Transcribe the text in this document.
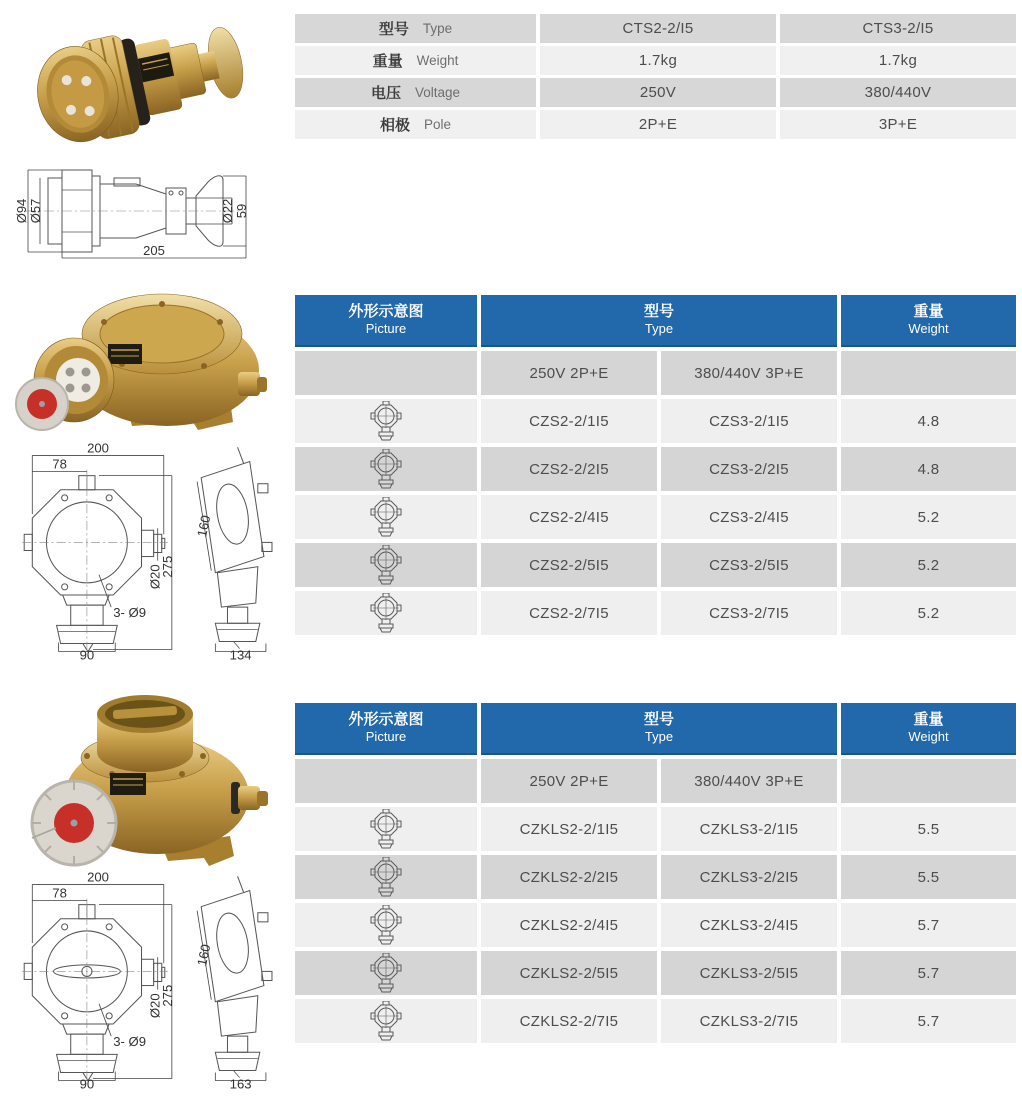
Ø94 Ø57	Ø22 59
205
型号 Type	CTS2-2/I5	CTS3-2/I5
重量 Weight	1.7kg	1.7kg
电压 Voltage	250V	380/440V
相极 Pole	2P+E	3P+E
200
78
Ø20
275
3- Ø9
90
160
134
外形示意图
Picture
型号
Type
重量
Weight
250V 2P+E	380/440V 3P+E
CZS2-2/1I5	CZS3-2/1I5	4.8
CZS2-2/2I5	CZS3-2/2I5	4.8
CZS2-2/4I5	CZS3-2/4I5	5.2
CZS2-2/5I5	CZS3-2/5I5	5.2
CZS2-2/7I5	CZS3-2/7I5	5.2
200
78
Ø20
275
3- Ø9
90
160
163
外形示意图
Picture
型号
Type
重量
Weight
250V 2P+E	380/440V 3P+E
CZKLS2-2/1I5	CZKLS3-2/1I5	5.5
CZKLS2-2/2I5	CZKLS3-2/2I5	5.5
CZKLS2-2/4I5	CZKLS3-2/4I5	5.7
CZKLS2-2/5I5	CZKLS3-2/5I5	5.7
CZKLS2-2/7I5	CZKLS3-2/7I5	5.7
